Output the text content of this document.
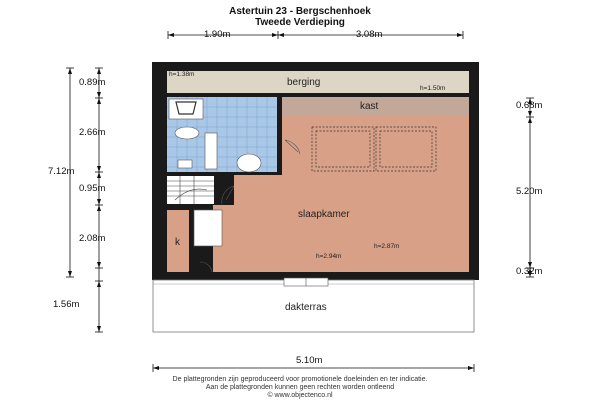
Astertuin 23 - Bergschenhoek
Tweede Verdieping
1.90m	3.08m
7.12m
0.89m
2.66m
0.95m
2.08m
1.56m
0.68m
5.20m
0.32m
5.10m
berging
kast
slaapkamer
dakterras
k
h=1.38m
h=1.50m
h=2.94m
h=2.87m
De plattegronden zijn geproduceerd voor promotionele doeleinden en ter indicatie.
Aan de plattegronden kunnen geen rechten worden ontleend
© www.objectenco.nl
